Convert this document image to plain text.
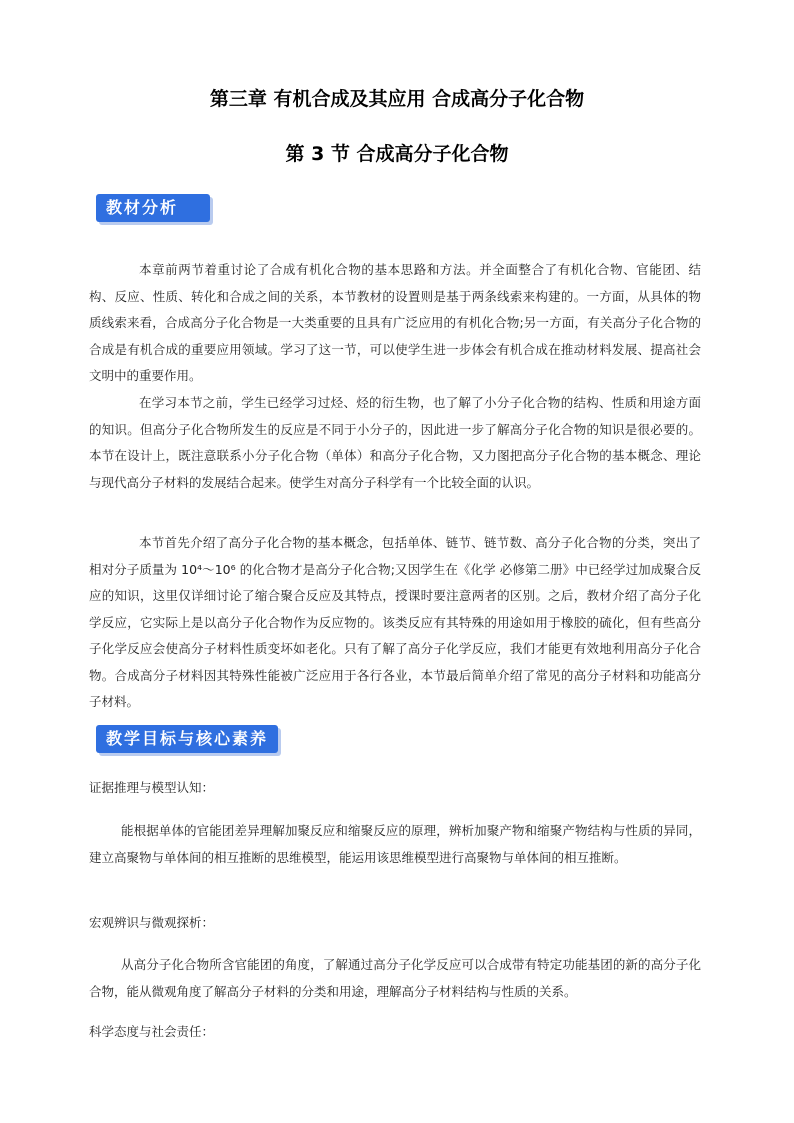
第三章 有机合成及其应用 合成高分子化合物
第 3 节 合成高分子化合物
教材分析

本章前两节着重讨论了合成有机化合物的基本思路和方法。并全面整合了有机化合物、官能团、结构、反应、性质、转化和合成之间的关系，本节教材的设置则是基于两条线索来构建的。一方面，从具体的物质线索来看，合成高分子化合物是一大类重要的且具有广泛应用的有机化合物;另一方面，有关高分子化合物的合成是有机合成的重要应用领域。学习了这一节，可以使学生进一步体会有机合成在推动材料发展、提高社会文明中的重要作用。

在学习本节之前，学生已经学习过烃、烃的衍生物，也了解了小分子化合物的结构、性质和用途方面的知识。但高分子化合物所发生的反应是不同于小分子的，因此进一步了解高分子化合物的知识是很必要的。本节在设计上，既注意联系小分子化合物（单体）和高分子化合物，又力图把高分子化合物的基本概念、理论与现代高分子材料的发展结合起来。使学生对高分子科学有一个比较全面的认识。

本节首先介绍了高分子化合物的基本概念，包括单体、链节、链节数、高分子化合物的分类，突出了相对分子质量为 10⁴～10⁶ 的化合物才是高分子化合物;又因学生在《化学 必修第二册》中已经学过加成聚合反应的知识，这里仅详细讨论了缩合聚合反应及其特点，授课时要注意两者的区别。之后，教材介绍了高分子化学反应，它实际上是以高分子化合物作为反应物的。该类反应有其特殊的用途如用于橡胶的硫化，但有些高分子化学反应会使高分子材料性质变坏如老化。只有了解了高分子化学反应，我们才能更有效地利用高分子化合物。合成高分子材料因其特殊性能被广泛应用于各行各业，本节最后简单介绍了常见的高分子材料和功能高分子材料。

教学目标与核心素养

证据推理与模型认知：

能根据单体的官能团差异理解加聚反应和缩聚反应的原理，辨析加聚产物和缩聚产物结构与性质的异同，建立高聚物与单体间的相互推断的思维模型，能运用该思维模型进行高聚物与单体间的相互推断。

宏观辨识与微观探析：

从高分子化合物所含官能团的角度，了解通过高分子化学反应可以合成带有特定功能基团的新的高分子化合物，能从微观角度了解高分子材料的分类和用途，理解高分子材料结构与性质的关系。

科学态度与社会责任：
